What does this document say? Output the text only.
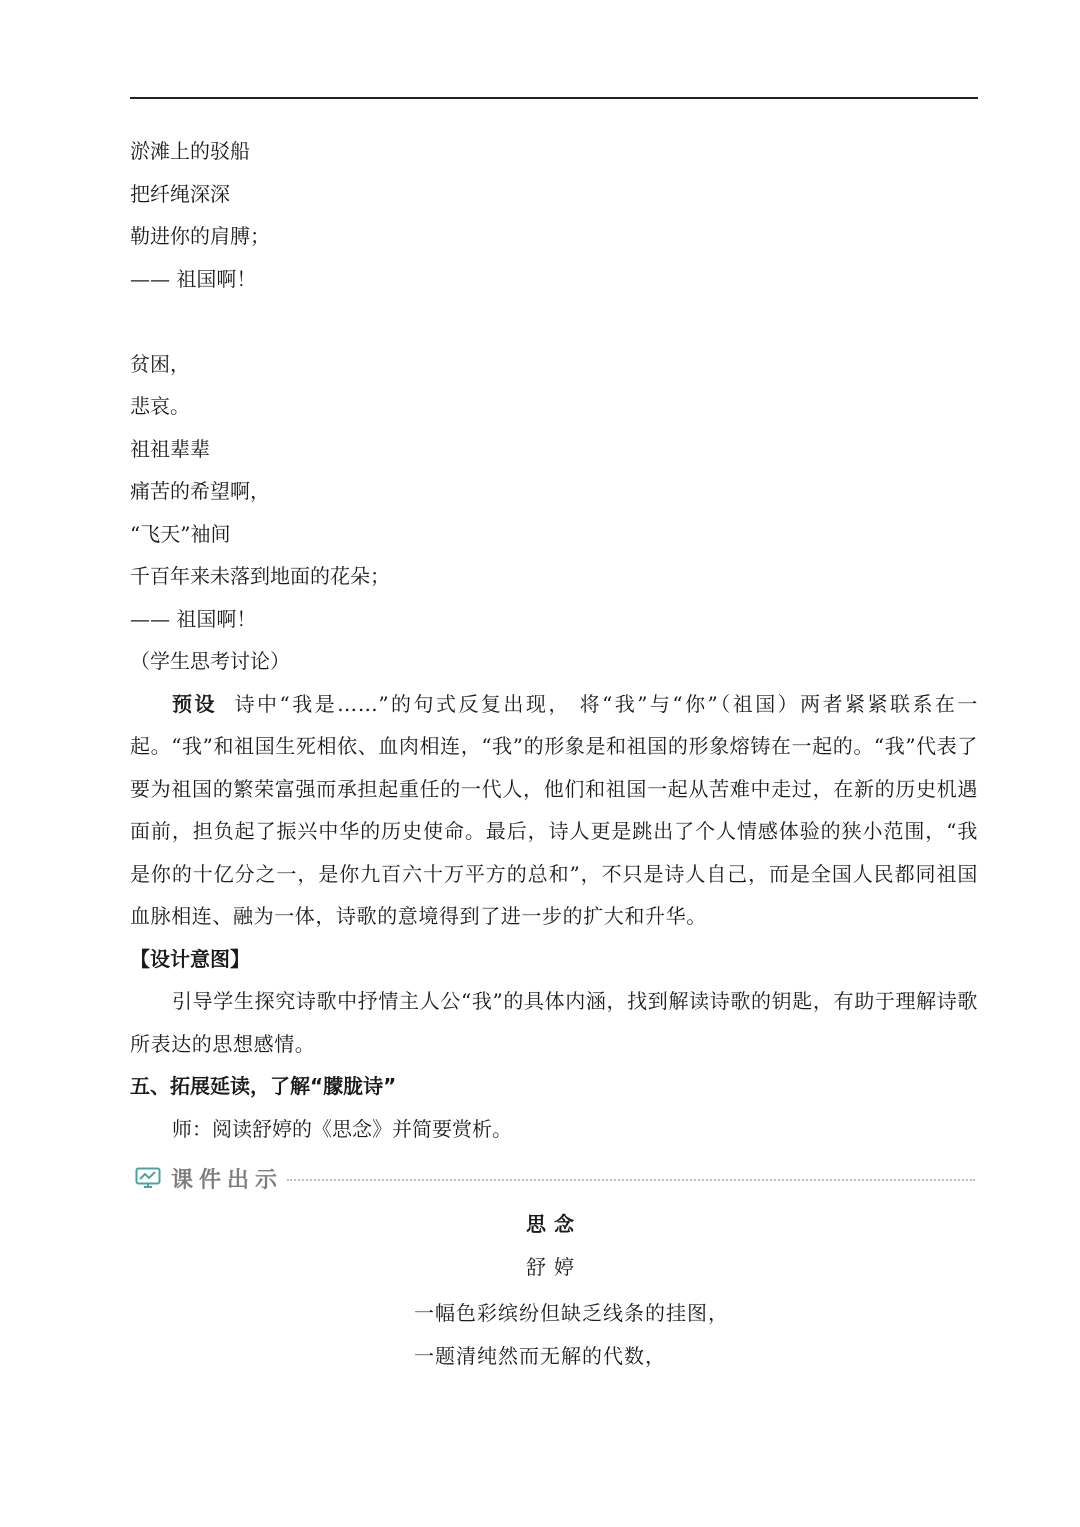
淤滩上的驳船
把纤绳深深
勒进你的肩膊；
—— 祖国啊！
贫困，
悲哀。
祖祖辈辈
痛苦的希望啊，
“飞天”袖间
千百年来未落到地面的花朵；
—— 祖国啊！
（学生思考讨论）
预设 诗中“我是……”的句式反复出现， 将“我”与“你”（祖国）两者紧紧联系在一起。“我”和祖国生死相依、血肉相连，“我”的形象是和祖国的形象熔铸在一起的。“我”代表了要为祖国的繁荣富强而承担起重任的一代人，他们和祖国一起从苦难中走过，在新的历史机遇面前，担负起了振兴中华的历史使命。最后，诗人更是跳出了个人情感体验的狭小范围，“我是你的十亿分之一，是你九百六十万平方的总和”，不只是诗人自己，而是全国人民都同祖国血脉相连、融为一体，诗歌的意境得到了进一步的扩大和升华。
【设计意图】
引导学生探究诗歌中抒情主人公“我”的具体内涵，找到解读诗歌的钥匙，有助于理解诗歌所表达的思想感情。
五、拓展延读，了解“朦胧诗”
师：阅读舒婷的《思念》并简要赏析。
课件出示
思念
舒婷
一幅色彩缤纷但缺乏线条的挂图，
一题清纯然而无解的代数，
